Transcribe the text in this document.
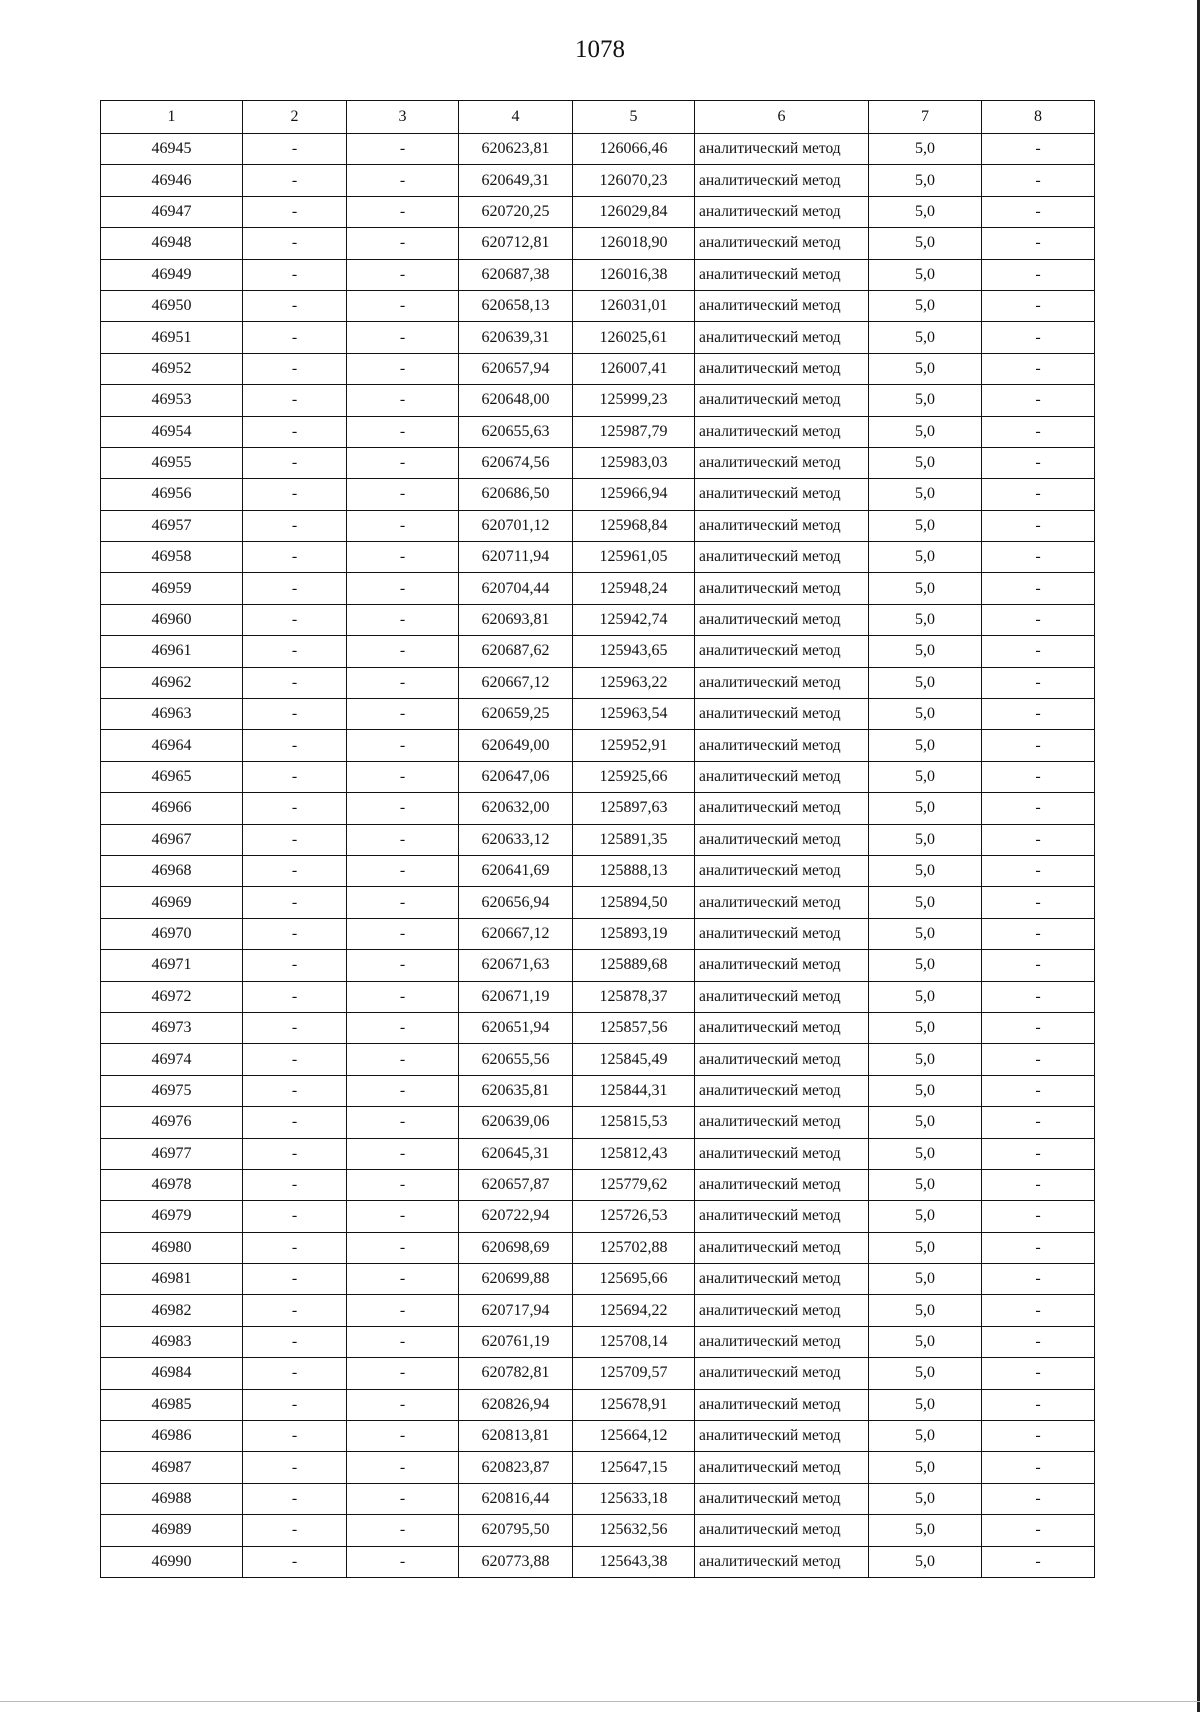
1078
1	2	3	4	5	6	7	8
46945	-	-	620623,81	126066,46	аналитический метод	5,0	-
46946	-	-	620649,31	126070,23	аналитический метод	5,0	-
46947	-	-	620720,25	126029,84	аналитический метод	5,0	-
46948	-	-	620712,81	126018,90	аналитический метод	5,0	-
46949	-	-	620687,38	126016,38	аналитический метод	5,0	-
46950	-	-	620658,13	126031,01	аналитический метод	5,0	-
46951	-	-	620639,31	126025,61	аналитический метод	5,0	-
46952	-	-	620657,94	126007,41	аналитический метод	5,0	-
46953	-	-	620648,00	125999,23	аналитический метод	5,0	-
46954	-	-	620655,63	125987,79	аналитический метод	5,0	-
46955	-	-	620674,56	125983,03	аналитический метод	5,0	-
46956	-	-	620686,50	125966,94	аналитический метод	5,0	-
46957	-	-	620701,12	125968,84	аналитический метод	5,0	-
46958	-	-	620711,94	125961,05	аналитический метод	5,0	-
46959	-	-	620704,44	125948,24	аналитический метод	5,0	-
46960	-	-	620693,81	125942,74	аналитический метод	5,0	-
46961	-	-	620687,62	125943,65	аналитический метод	5,0	-
46962	-	-	620667,12	125963,22	аналитический метод	5,0	-
46963	-	-	620659,25	125963,54	аналитический метод	5,0	-
46964	-	-	620649,00	125952,91	аналитический метод	5,0	-
46965	-	-	620647,06	125925,66	аналитический метод	5,0	-
46966	-	-	620632,00	125897,63	аналитический метод	5,0	-
46967	-	-	620633,12	125891,35	аналитический метод	5,0	-
46968	-	-	620641,69	125888,13	аналитический метод	5,0	-
46969	-	-	620656,94	125894,50	аналитический метод	5,0	-
46970	-	-	620667,12	125893,19	аналитический метод	5,0	-
46971	-	-	620671,63	125889,68	аналитический метод	5,0	-
46972	-	-	620671,19	125878,37	аналитический метод	5,0	-
46973	-	-	620651,94	125857,56	аналитический метод	5,0	-
46974	-	-	620655,56	125845,49	аналитический метод	5,0	-
46975	-	-	620635,81	125844,31	аналитический метод	5,0	-
46976	-	-	620639,06	125815,53	аналитический метод	5,0	-
46977	-	-	620645,31	125812,43	аналитический метод	5,0	-
46978	-	-	620657,87	125779,62	аналитический метод	5,0	-
46979	-	-	620722,94	125726,53	аналитический метод	5,0	-
46980	-	-	620698,69	125702,88	аналитический метод	5,0	-
46981	-	-	620699,88	125695,66	аналитический метод	5,0	-
46982	-	-	620717,94	125694,22	аналитический метод	5,0	-
46983	-	-	620761,19	125708,14	аналитический метод	5,0	-
46984	-	-	620782,81	125709,57	аналитический метод	5,0	-
46985	-	-	620826,94	125678,91	аналитический метод	5,0	-
46986	-	-	620813,81	125664,12	аналитический метод	5,0	-
46987	-	-	620823,87	125647,15	аналитический метод	5,0	-
46988	-	-	620816,44	125633,18	аналитический метод	5,0	-
46989	-	-	620795,50	125632,56	аналитический метод	5,0	-
46990	-	-	620773,88	125643,38	аналитический метод	5,0	-
